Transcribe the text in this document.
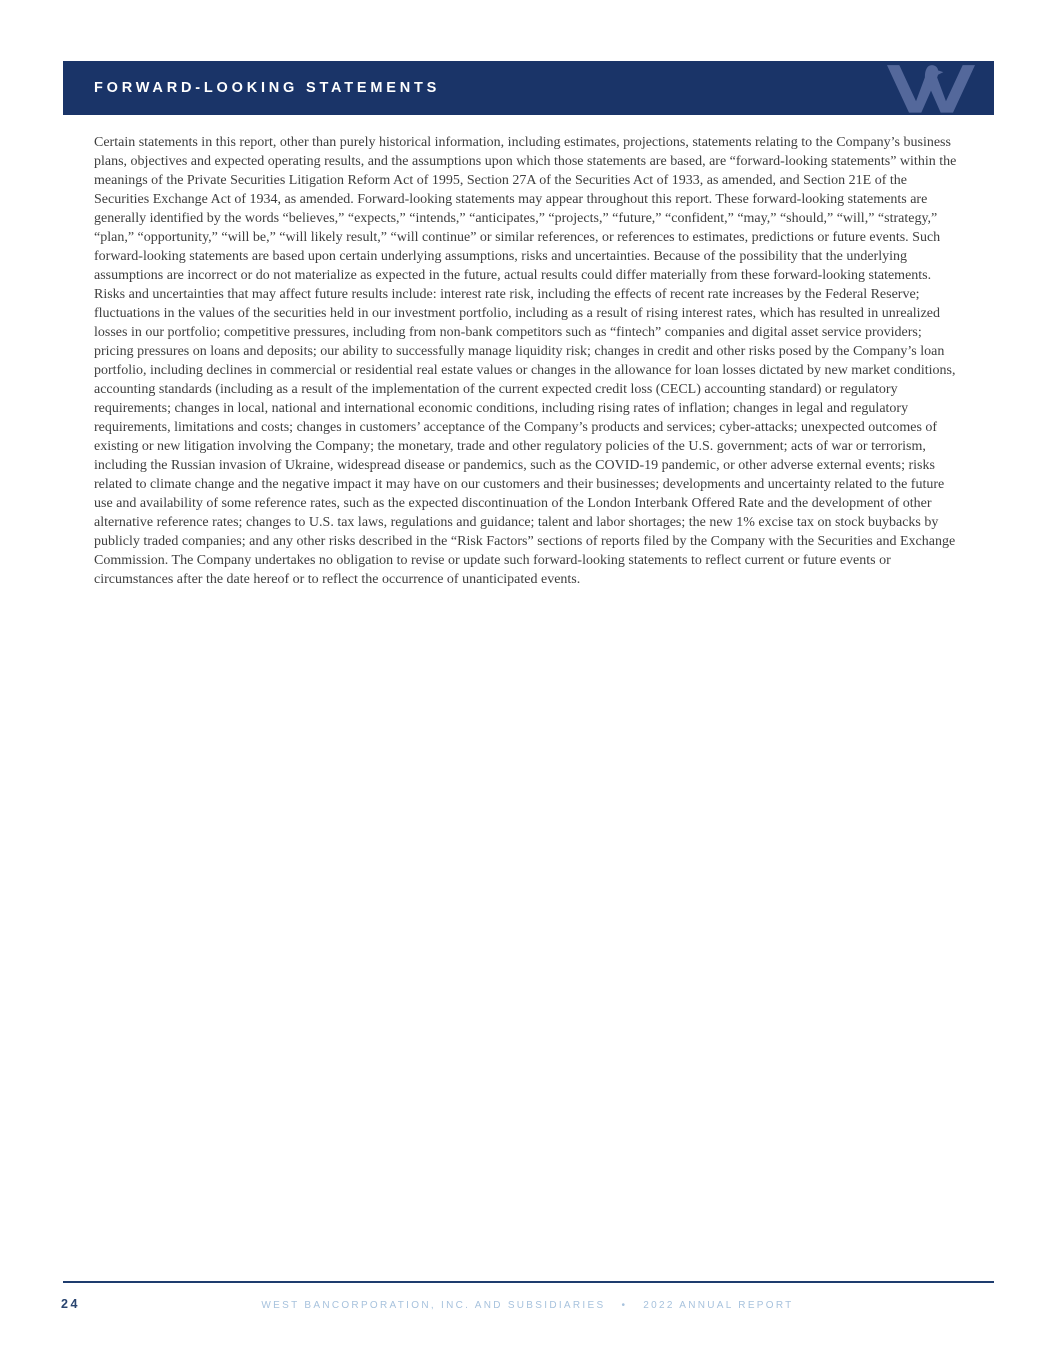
FORWARD-LOOKING STATEMENTS

Certain statements in this report, other than purely historical information, including estimates, projections, statements relating to the Company’s business plans, objectives and expected operating results, and the assumptions upon which those statements are based, are “forward-looking statements” within the meanings of the Private Securities Litigation Reform Act of 1995, Section 27A of the Securities Act of 1933, as amended, and Section 21E of the Securities Exchange Act of 1934, as amended. Forward-looking statements may appear throughout this report. These forward-looking statements are generally identified by the words “believes,” “expects,” “intends,” “anticipates,” “projects,” “future,” “confident,” “may,” “should,” “will,” “strategy,” “plan,” “opportunity,” “will be,” “will likely result,” “will continue” or similar references, or references to estimates, predictions or future events. Such forward-looking statements are based upon certain underlying assumptions, risks and uncertainties. Because of the possibility that the underlying assumptions are incorrect or do not materialize as expected in the future, actual results could differ materially from these forward-looking statements. Risks and uncertainties that may affect future results include: interest rate risk, including the effects of recent rate increases by the Federal Reserve; fluctuations in the values of the securities held in our investment portfolio, including as a result of rising interest rates, which has resulted in unrealized losses in our portfolio; competitive pressures, including from non-bank competitors such as “fintech” companies and digital asset service providers; pricing pressures on loans and deposits; our ability to successfully manage liquidity risk; changes in credit and other risks posed by the Company’s loan portfolio, including declines in commercial or residential real estate values or changes in the allowance for loan losses dictated by new market conditions, accounting standards (including as a result of the implementation of the current expected credit loss (CECL) accounting standard) or regulatory requirements; changes in local, national and international economic conditions, including rising rates of inflation; changes in legal and regulatory requirements, limitations and costs; changes in customers’ acceptance of the Company’s products and services; cyber-attacks; unexpected outcomes of existing or new litigation involving the Company; the monetary, trade and other regulatory policies of the U.S. government; acts of war or terrorism, including the Russian invasion of Ukraine, widespread disease or pandemics, such as the COVID-19 pandemic, or other adverse external events; risks related to climate change and the negative impact it may have on our customers and their businesses; developments and uncertainty related to the future use and availability of some reference rates, such as the expected discontinuation of the London Interbank Offered Rate and the development of other alternative reference rates; changes to U.S. tax laws, regulations and guidance; talent and labor shortages; the new 1% excise tax on stock buybacks by publicly traded companies; and any other risks described in the “Risk Factors” sections of reports filed by the Company with the Securities and Exchange Commission. The Company undertakes no obligation to revise or update such forward-looking statements to reflect current or future events or circumstances after the date hereof or to reflect the occurrence of unanticipated events.

24	WEST BANCORPORATION, INC. AND SUBSIDIARIES • 2022 ANNUAL REPORT
